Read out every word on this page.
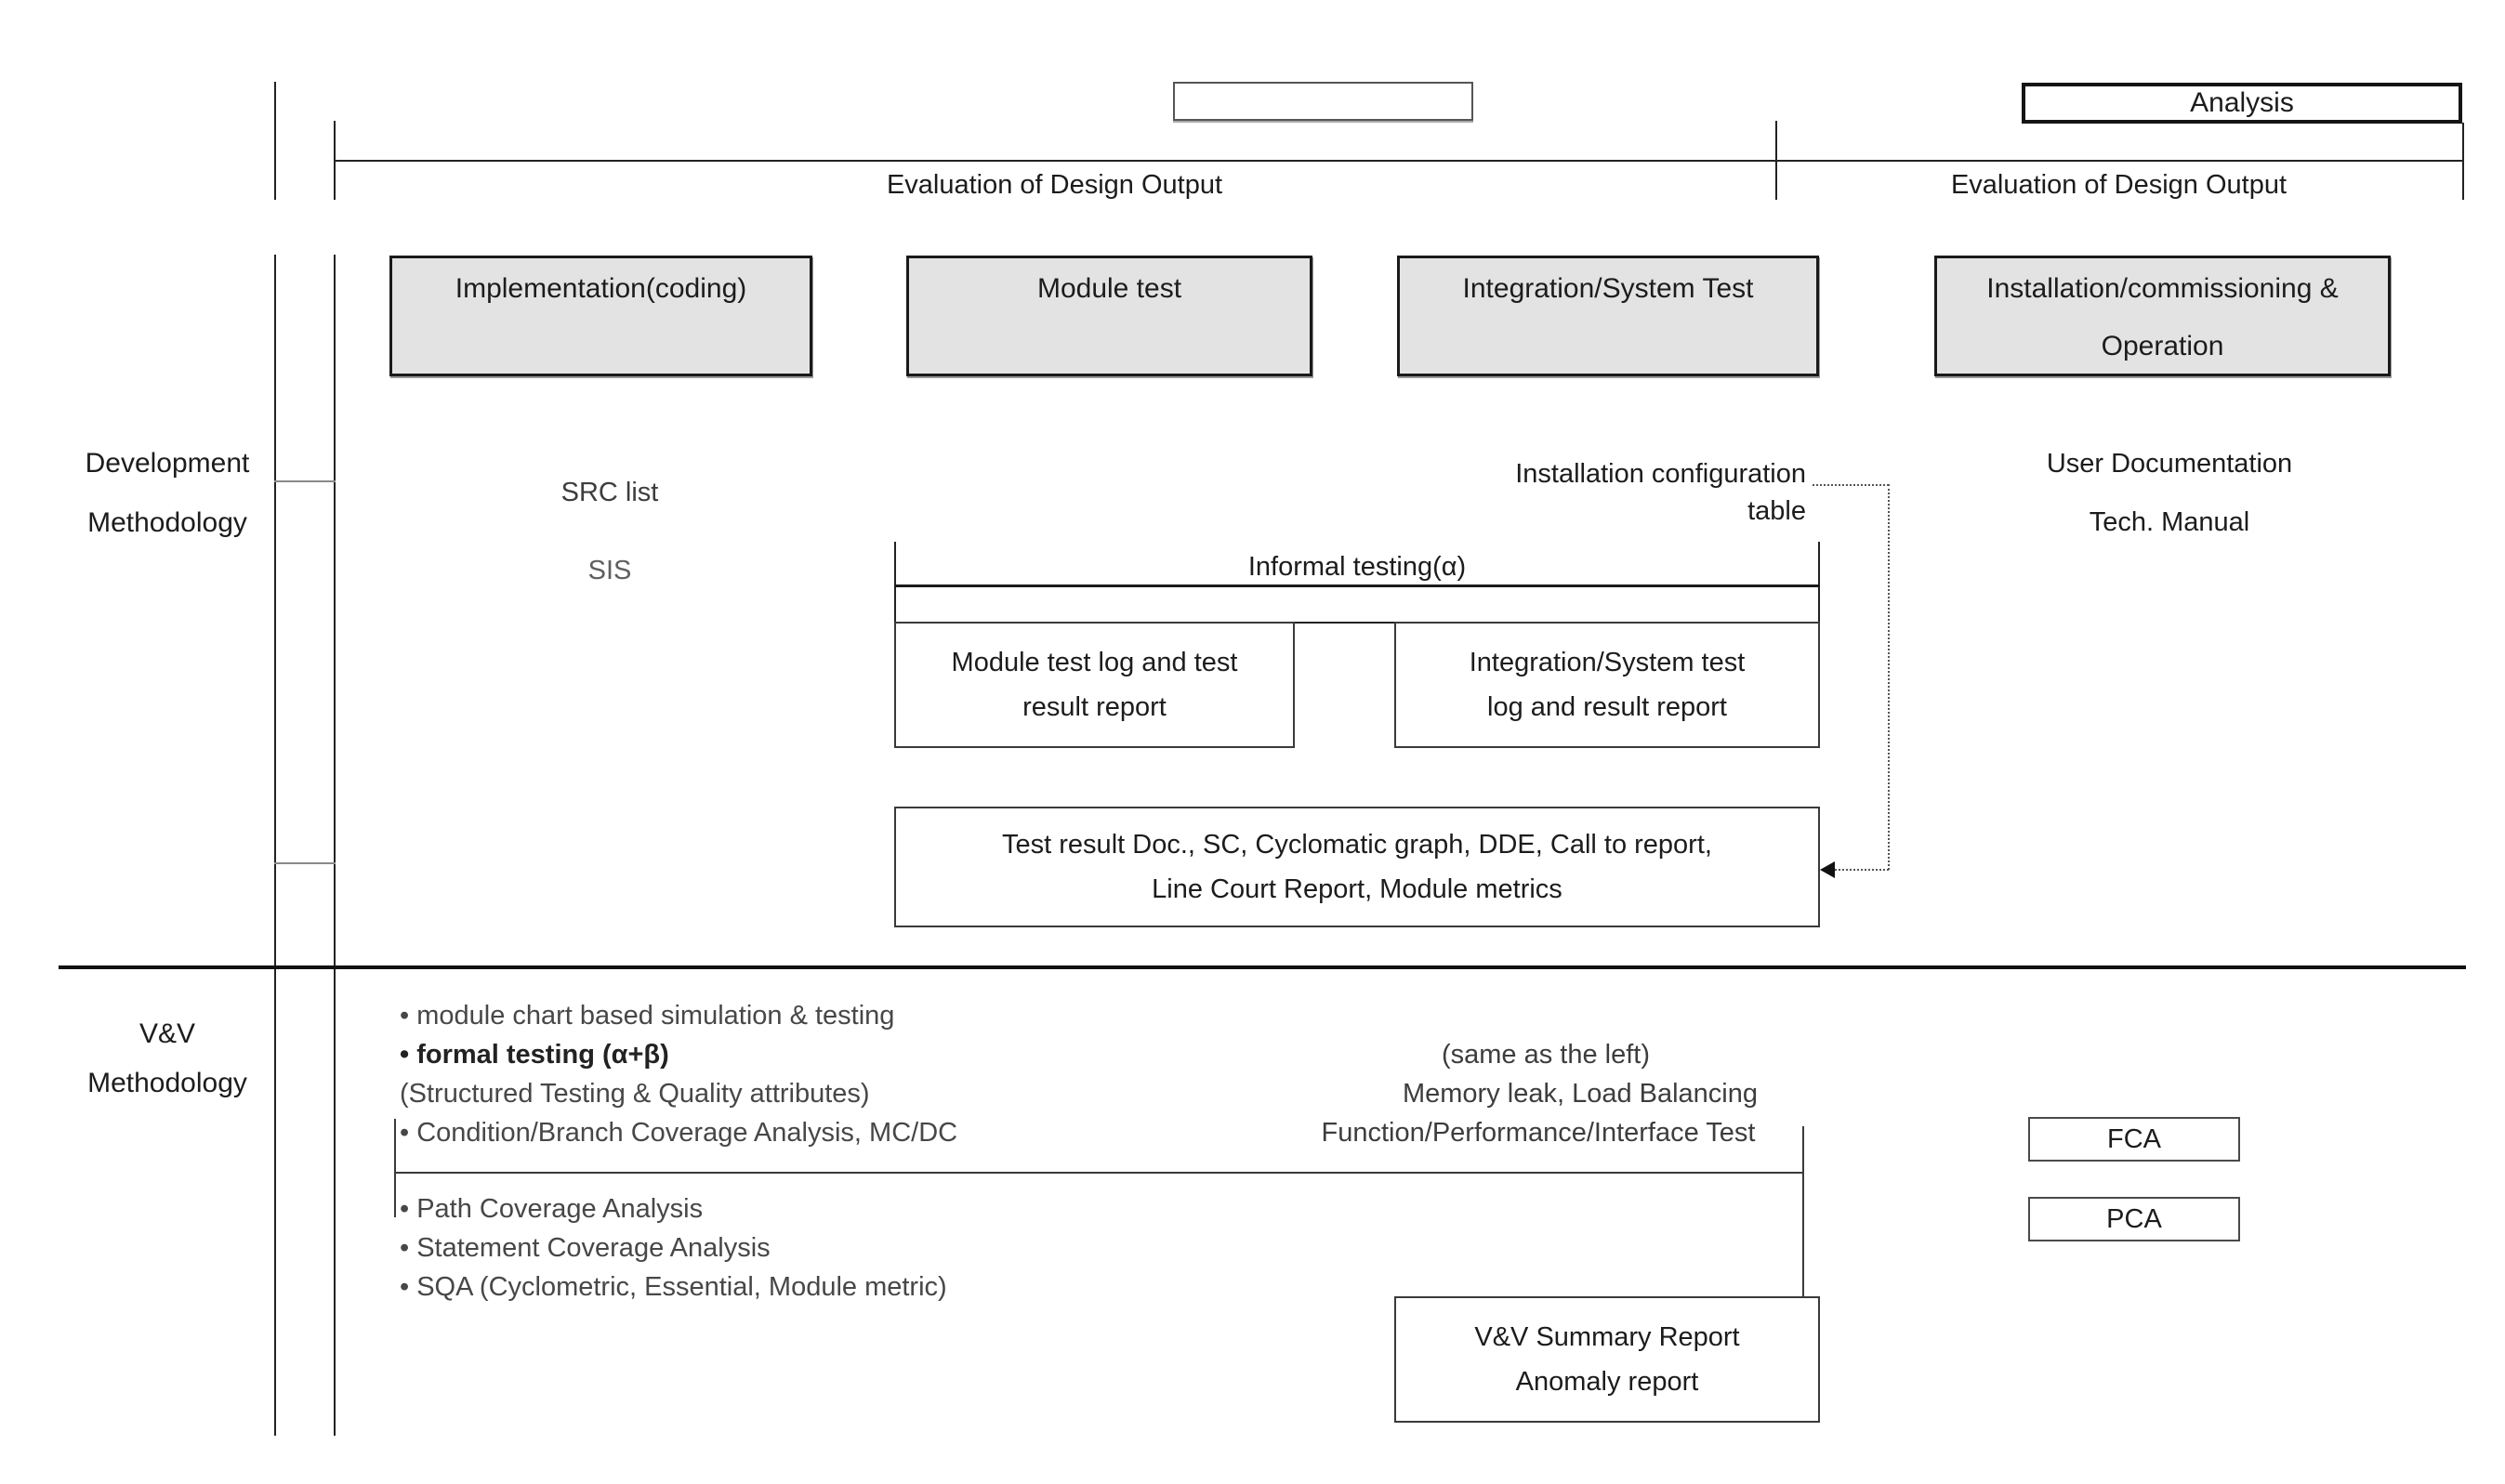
Analysis
Evaluation of Design Output	Evaluation of Design Output
Implementation(coding)	Module test	Integration/System Test	Installation/commissioning &
Operation
Development
Methodology
SRC list
SIS
Installation configuration
table
User Documentation
Tech. Manual
Informal testing(α)
Module test log and test
result report
Integration/System test
log and result report
Test result Doc., SC, Cyclomatic graph, DDE, Call to report,
Line Court Report, Module metrics
V&V
Methodology
• module chart based simulation & testing
• formal testing (α+β)
(Structured Testing & Quality attributes)
• Condition/Branch Coverage Analysis, MC/DC
• Path Coverage Analysis
• Statement Coverage Analysis
• SQA (Cyclometric, Essential, Module metric)
(same as the left)
Memory leak, Load Balancing
Function/Performance/Interface Test	FCA
PCA
V&V Summary Report
Anomaly report
